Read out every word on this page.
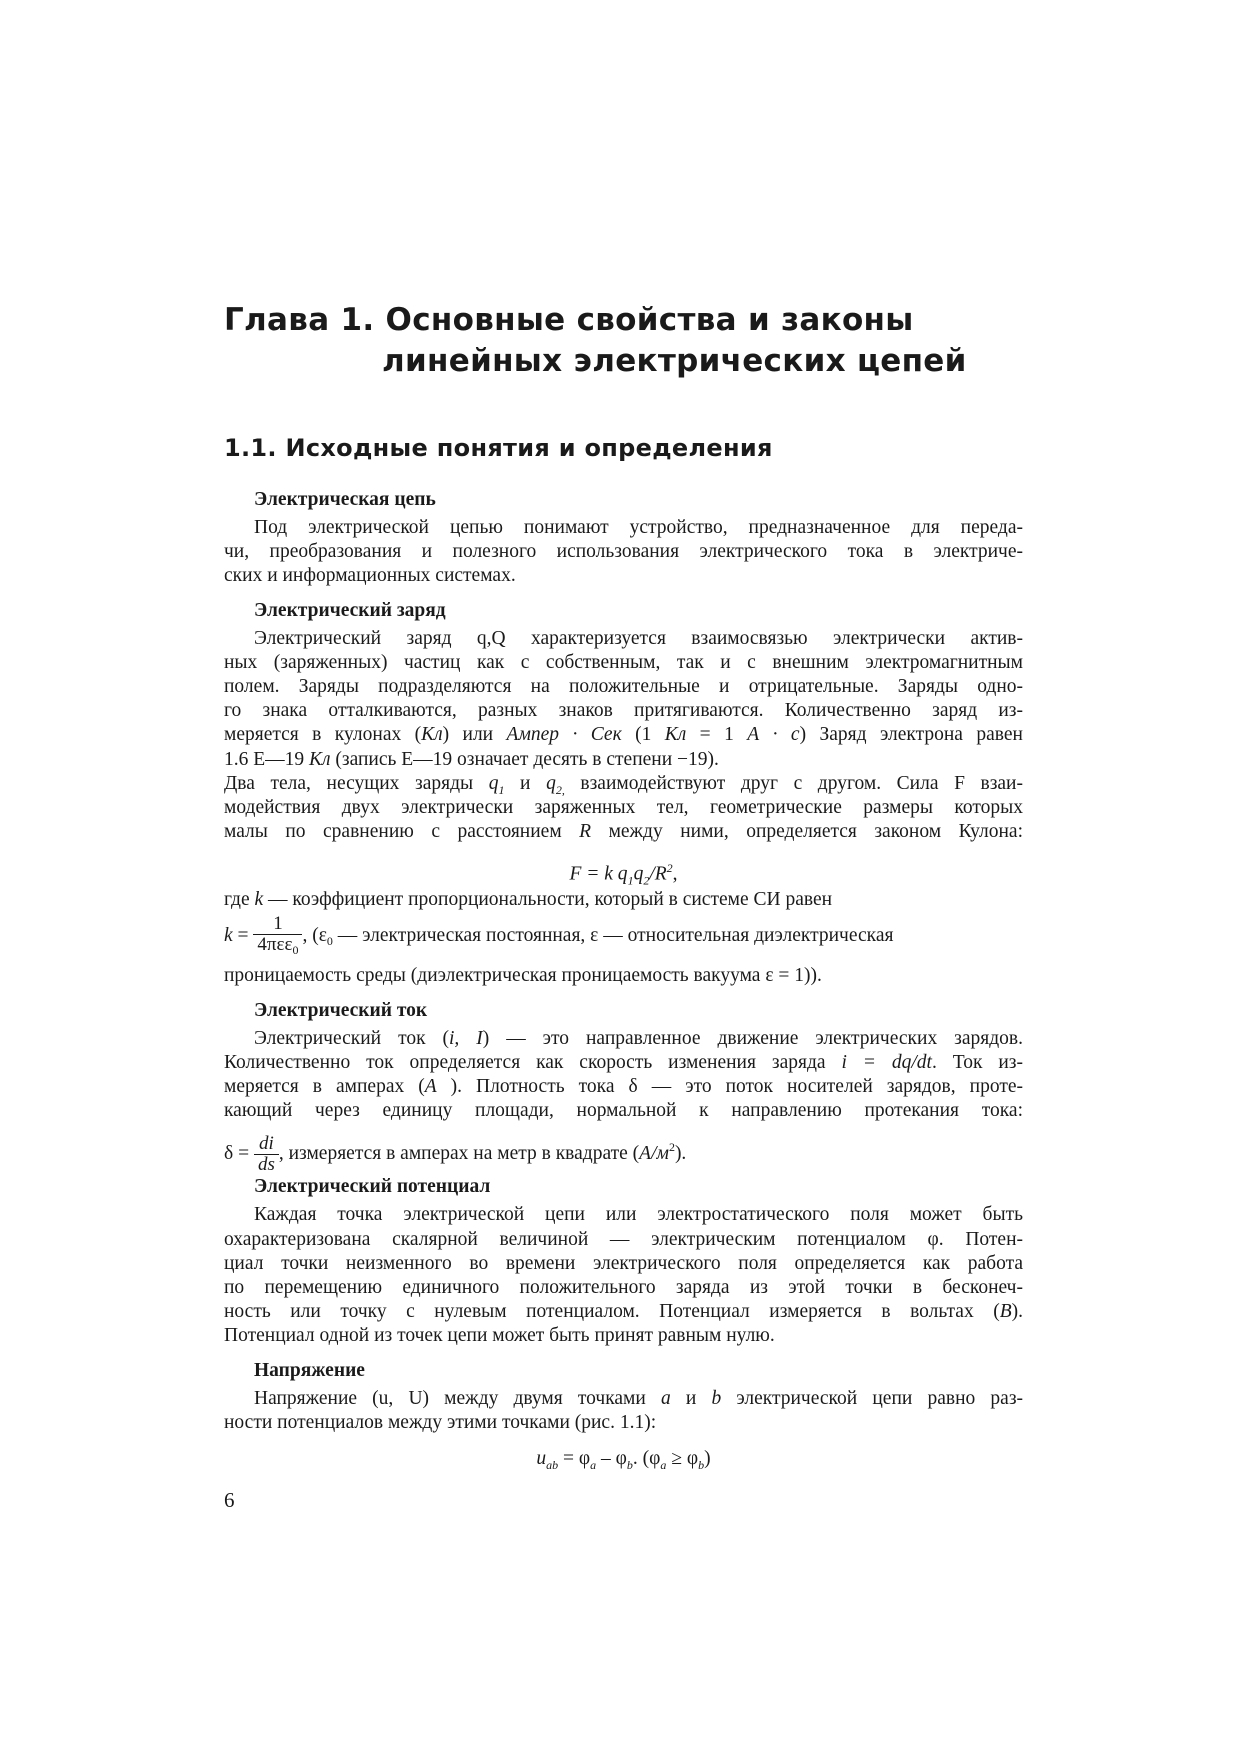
Глава 1. Основные свойства и законы
линейных электрических цепей
1.1. Исходные понятия и определения
Электрическая цепь
Под электрической цепью понимают устройство, предназначенное для переда-
чи, преобразования и полезного использования электрического тока в электриче-
ских и информационных системах.
Электрический заряд
Электрический заряд q,Q характеризуется взаимосвязью электрически актив-
ных (заряженных) частиц как с собственным, так и с внешним электромагнитным
полем. Заряды подразделяются на положительные и отрицательные. Заряды одно-
го знака отталкиваются, разных знаков притягиваются. Количественно заряд из-
меряется в кулонах (Кл) или Ампер · Сек (1 Кл = 1 А · с) Заряд электрона равен
1.6 Е—19 Кл (запись Е—19 означает десять в степени −19).
Два тела, несущих заряды $q_1$ и $q_{2,}$ взаимодействуют друг с другом. Сила F взаи-
модействия двух электрически заряженных тел, геометрические размеры которых
малы по сравнению с расстоянием R между ними, определяется законом Кулона:
F = k $q_1q_2/R^2$,
где k — коэффициент пропорциональности, который в системе СИ равен
$k = \frac{1}{4\pi\varepsilon\varepsilon_0}$ , ($\varepsilon_0$ — электрическая постоянная, ε — относительная диэлектрическая
проницаемость среды (диэлектрическая проницаемость вакуума ε = 1)).
Электрический ток
Электрический ток (i, I) — это направленное движение электрических зарядов.
Количественно ток определяется как скорость изменения заряда i = dq/dt. Ток из-
меряется в амперах (А ). Плотность тока δ — это поток носителей зарядов, проте-
кающий через единицу площади, нормальной к направлению протекания тока:
$\delta = \frac{di}{ds}$ , измеряется в амперах на метр в квадрате $(А/м^2)$.
Электрический потенциал
Каждая точка электрической цепи или электростатического поля может быть
охарактеризована скалярной величиной — электрическим потенциалом φ. Потен-
циал точки неизменного во времени электрического поля определяется как работа
по перемещению единичного положительного заряда из этой точки в бесконеч-
ность или точку с нулевым потенциалом. Потенциал измеряется в вольтах (В).
Потенциал одной из точек цепи может быть принят равным нулю.
Напряжение
Напряжение (u, U) между двумя точками a и b электрической цепи равно раз-
ности потенциалов между этими точками (рис. 1.1):
$u_{ab} = \varphi_a - \varphi_b$. $(\varphi_a \ge \varphi_b)$
6
